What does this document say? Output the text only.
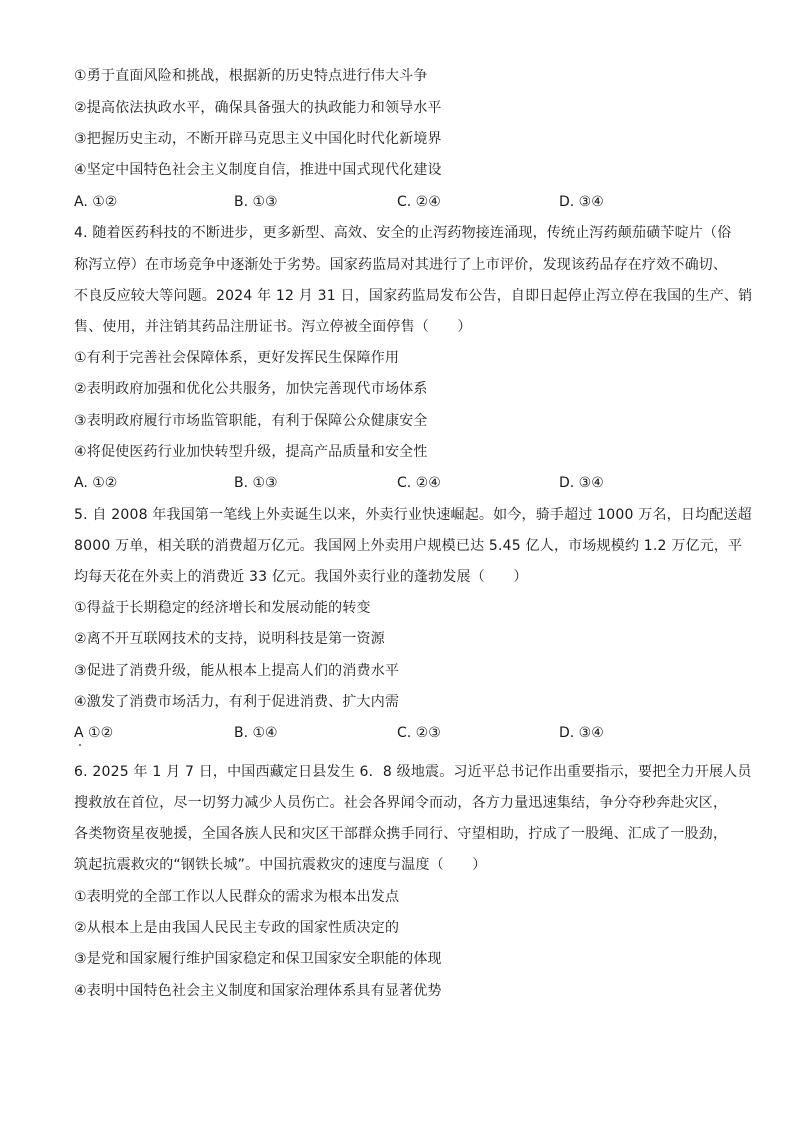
①勇于直面风险和挑战，根据新的历史特点进行伟大斗争
②提高依法执政水平，确保具备强大的执政能力和领导水平
③把握历史主动，不断开辟马克思主义中国化时代化新境界
④坚定中国特色社会主义制度自信，推进中国式现代化建设
A. ①②	B. ①③	C. ②④	D. ③④
4. 随着医药科技的不断进步，更多新型、高效、安全的止泻药物接连涌现，传统止泻药颠茄磺苄啶片（俗
称泻立停）在市场竞争中逐渐处于劣势。国家药监局对其进行了上市评价，发现该药品存在疗效不确切、
不良反应较大等问题。2024 年 12 月 31 日，国家药监局发布公告，自即日起停止泻立停在我国的生产、销
售、使用，并注销其药品注册证书。泻立停被全面停售（　　）
①有利于完善社会保障体系，更好发挥民生保障作用
②表明政府加强和优化公共服务，加快完善现代市场体系
③表明政府履行市场监管职能，有利于保障公众健康安全
④将促使医药行业加快转型升级，提高产品质量和安全性
A. ①②	B. ①③	C. ②④	D. ③④
5. 自 2008 年我国第一笔线上外卖诞生以来，外卖行业快速崛起。如今，骑手超过 1000 万名，日均配送超
8000 万单，相关联的消费超万亿元。我国网上外卖用户规模已达 5.45 亿人，市场规模约 1.2 万亿元，平
均每天花在外卖上的消费近 33 亿元。我国外卖行业的蓬勃发展（　　）
①得益于长期稳定的经济增长和发展动能的转变
②离不开互联网技术的支持，说明科技是第一资源
③促进了消费升级，能从根本上提高人们的消费水平
④激发了消费市场活力，有利于促进消费、扩大内需
A ①②	B. ①④	C. ②③	D. ③④
6. 2025 年 1 月 7 日，中国西藏定日县发生 6．8 级地震。习近平总书记作出重要指示，要把全力开展人员
搜救放在首位，尽一切努力减少人员伤亡。社会各界闻令而动，各方力量迅速集结，争分夺秒奔赴灾区，
各类物资星夜驰援，全国各族人民和灾区干部群众携手同行、守望相助，拧成了一股绳、汇成了一股劲，
筑起抗震救灾的“钢铁长城”。中国抗震救灾的速度与温度（　　）
①表明党的全部工作以人民群众的需求为根本出发点
②从根本上是由我国人民民主专政的国家性质决定的
③是党和国家履行维护国家稳定和保卫国家安全职能的体现
④表明中国特色社会主义制度和国家治理体系具有显著优势
